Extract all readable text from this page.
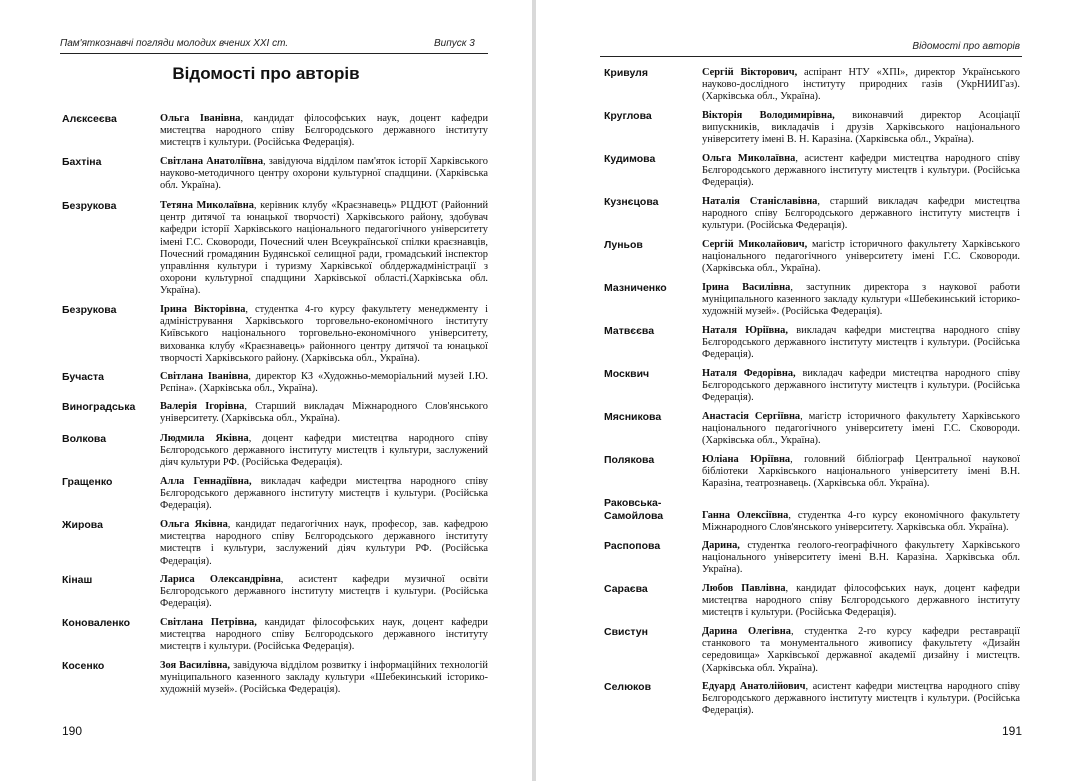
Пам'яткознавчі погляди молодих вчених XXI ст.	Випуск 3
Відомості про авторів
Алєксеєва	Ольга Іванівна, кандидат філософських наук, доцент кафедри мистецтва народного співу Бєлгородського державного інституту мистецтв і культури. (Російська Федерація).
Бахтіна	Світлана Анатоліївна, завідуюча відділом пам'яток історії Харківського науково-методичного центру охорони культурної спадщини. (Харківська обл. Україна).
Безрукова	Тетяна Миколаївна, керівник клубу «Краєзнавець» РЦДЮТ (Районний центр дитячої та юнацької творчості) Харківського району, здобувач кафедри історії Харківського національного педагогічного університету імені Г.С. Сковороди, Почесний член Всеукраїнської спілки краєзнавців, Почесний громадянин Будянської селищної ради, громадський інспектор управління культури і туризму Харківської облдержадміністрації з охорони культурної спадщини Харківської області.(Харківська обл. Україна).
Безрукова	Ірина Вікторівна, студентка 4-го курсу факультету менеджменту і адміністрування Харківського торговельно-економічного інституту Київського національного торговельно-економічного університету, вихованка клубу «Краєзнавець» районного центру дитячої та юнацької творчості Харківського району. (Харківська обл., Україна).
Бучаста	Світлана Іванівна, директор КЗ «Художньо-меморіальний музей І.Ю. Рєпіна». (Харківська обл., Україна).
Виноградська	Валерія Ігорівна, Старший викладач Міжнародного Слов'янського університету. (Харківська обл., Україна).
Волкова	Людмила Яківна, доцент кафедри мистецтва народного співу Бєлгородського державного інституту мистецтв і культури, заслужений діяч культури РФ. (Російська Федерація).
Гращенко	Алла Геннадіївна, викладач кафедри мистецтва народного співу Бєлгородського державного інституту мистецтв і культури. (Російська Федерація).
Жирова	Ольга Яківна, кандидат педагогічних наук, професор, зав. кафедрою мистецтва народного співу Бєлгородського державного інституту мистецтв і культури, заслужений діяч культури РФ. (Російська Федерація).
Кінаш	Лариса Олександрівна, асистент кафедри музичної освіти Бєлгородського державного інституту мистецтв і культури. (Російська Федерація).
Коноваленко	Світлана Петрівна, кандидат філософських наук, доцент кафедри мистецтва народного співу Бєлгородського державного інституту мистецтв і культури. (Російська Федерація).
Косенко	Зоя Василівна, завідуюча відділом розвитку і інформаційних технологій муніципального казенного закладу культури «Шебекинський історико-художній музей». (Російська Федерація).
190
Відомості про авторів
Кривуля	Сергій Вікторович, аспірант НТУ «ХПІ», директор Українського науково-дослідного інституту природних газів (УкрНИИГаз). (Харківська обл., Україна).
Круглова	Вікторія Володимирівна, виконавчий директор Асоціації випускників, викладачів і друзів Харківського національного університету імені В. Н. Каразіна. (Харківська обл., Україна).
Кудимова	Ольга Миколаївна, асистент кафедри мистецтва народного співу Бєлгородського державного інституту мистецтв і культури. (Російська Федерація).
Кузнєцова	Наталія Станіславівна, старший викладач кафедри мистецтва народного співу Бєлгородського державного інституту мистецтв і культури. (Російська Федерація).
Луньов	Сергій Миколайович, магістр історичного факультету Харківського національного педагогічного університету імені Г.С. Сковороди. (Харківська обл., Україна).
Мазниченко	Ірина Василівна, заступник директора з наукової работи муніципального казенного закладу культури «Шебекинський історико-художній музей». (Російська Федерація).
Матвєєва	Наталя Юріївна, викладач кафедри мистецтва народного співу Бєлгородського державного інституту мистецтв і культури. (Російська Федерація).
Москвич	Наталя Федорівна, викладач кафедри мистецтва народного співу Бєлгородського державного інституту мистецтв і культури. (Російська Федерація).
Мясникова	Анастасія Сергіївна, магістр історичного факультету Харківського національного педагогічного університету імені Г.С. Сковороди. (Харківська обл., Україна).
Полякова	Юліана Юріївна, головний бібліограф Центральної наукової бібліотеки Харківського національного університету імені В.Н. Каразіна, театрознавець. (Харківська обл. Україна).
Раковська-
Самойлова	Ганна Олексіївна, студентка 4-го курсу економічного факультету Міжнародного Слов'янського університету. Харківська обл. Україна).
Распопова	Дарина, студентка геолого-географічного факультету Харківського національного університету імені В.Н. Каразіна. Харківська обл. Україна).
Сараєва	Любов Павлівна, кандидат філософських наук, доцент кафедри мистецтва народного співу Бєлгородського державного інституту мистецтв і культури. (Російська Федерація).
Свистун	Дарина Олегівна, студентка 2-го курсу кафедри реставрації станкового та монументального живопису факультету «Дизайн середовища» Харківської державної академії дизайну і мистецтв. (Харківська обл. Україна).
Селюков	Едуард Анатолійович, асистент кафедри мистецтва народного співу Бєлгородського державного інституту мистецтв і культури. (Російська Федерація).
191
